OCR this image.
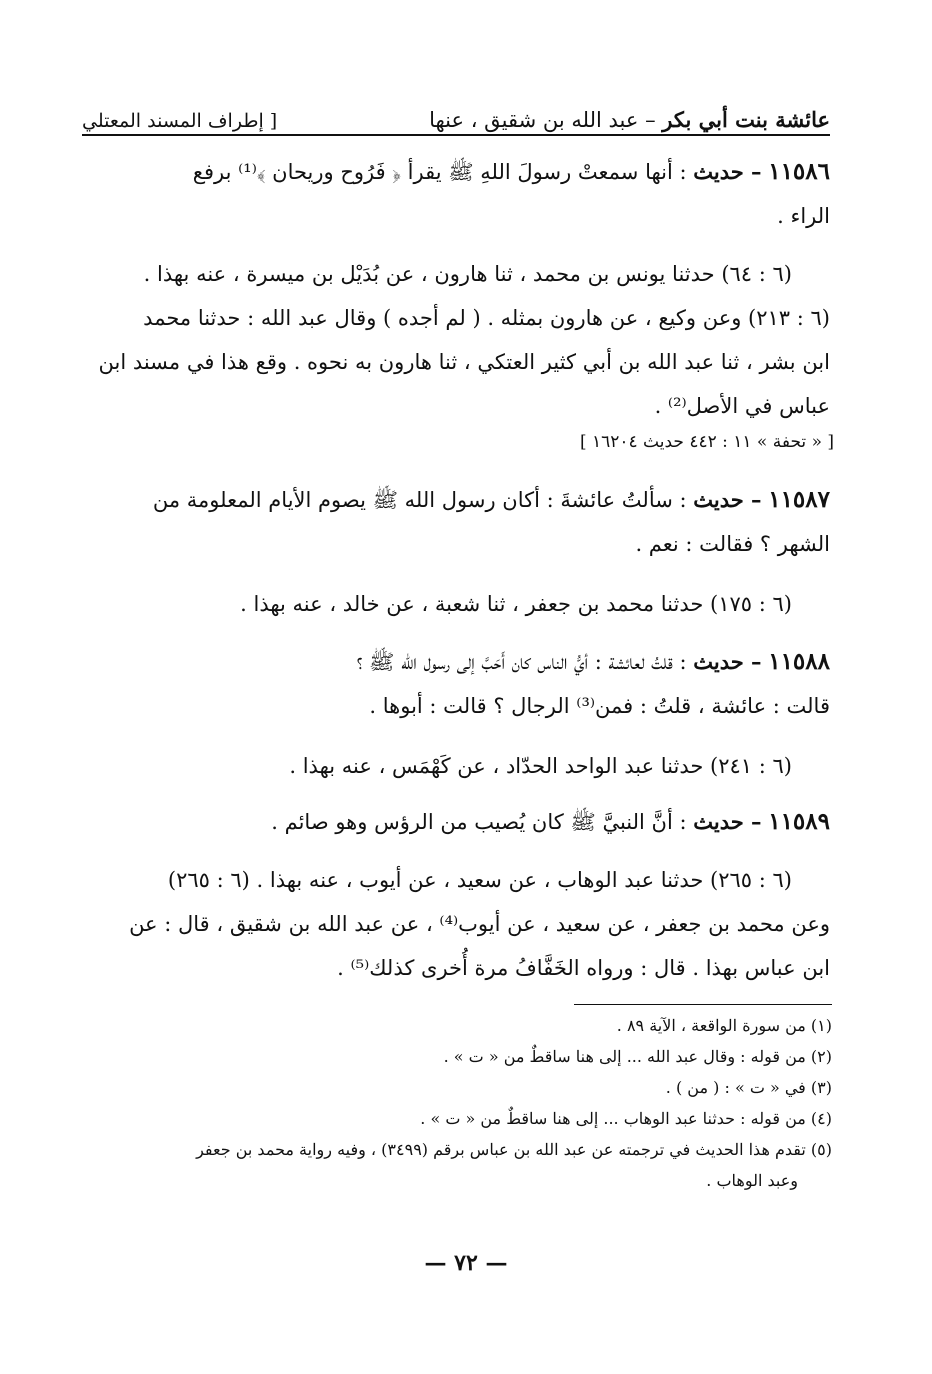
عائشة بنت أبي بكر – عبد الله بن شقيق ، عنها
[ إطراف المسند المعتلي
١١٥٨٦ – حديث : أنها سمعتْ رسولَ اللهِ ﷺ يقرأ ﴿ فَرُوح وريحان ﴾⁽¹⁾ برفع
الراء .
(٦ : ٦٤) حدثنا يونس بن محمد ، ثنا هارون ، عن بُدَيْل بن ميسرة ، عنه بهذا .
(٦ : ٢١٣) وعن وكيع ، عن هارون بمثله . ( لم أجده ) وقال عبد الله : حدثنا محمد
ابن بشر ، ثنا عبد الله بن أبي كثير العتكي ، ثنا هارون به نحوه . وقع هذا في مسند ابن
عباس في الأصل⁽²⁾ .
[ « تحفة » ١١ : ٤٤٢ حديث ١٦٢٠٤ ]
١١٥٨٧ – حديث : سألتُ عائشةَ : أكان رسول الله ﷺ يصوم الأيام المعلومة من
الشهر ؟ فقالت : نعم .
(٦ : ١٧٥) حدثنا محمد بن جعفر ، ثنا شعبة ، عن خالد ، عنه بهذا .
١١٥٨٨ – حديث : قلتُ لعائشة : أيُّ الناس كان أَحَبَّ إلى رسول الله ﷺ ؟
قالت : عائشة ، قلتُ : فمن⁽³⁾ الرجال ؟ قالت : أبوها .
(٦ : ٢٤١) حدثنا عبد الواحد الحدّاد ، عن كَهْمَس ، عنه بهذا .
١١٥٨٩ – حديث : أنَّ النبيَّ ﷺ كان يُصيب من الرؤس وهو صائم .
(٦ : ٢٦٥) حدثنا عبد الوهاب ، عن سعيد ، عن أيوب ، عنه بهذا . (٦ : ٢٦٥)
وعن محمد بن جعفر ، عن سعيد ، عن أيوب⁽⁴⁾ ، عن عبد الله بن شقيق ، قال : عن
ابن عباس بهذا . قال : ورواه الخَفَّافُ مرة أُخرى كذلك⁽⁵⁾ .

(١) من سورة الواقعة ، الآية ٨٩ .

(٢) من قوله : وقال عبد الله ... إلى هنا ساقطٌ من « ت » .

(٣) في « ت » : ( من ) .

(٤) من قوله : حدثنا عبد الوهاب ... إلى هنا ساقطٌ من « ت » .

(٥) تقدم هذا الحديث في ترجمته عن عبد الله بن عباس برقم (٣٤٩٩) ، وفيه رواية محمد بن جعفر

وعبد الوهاب .

— ٧٢ —
